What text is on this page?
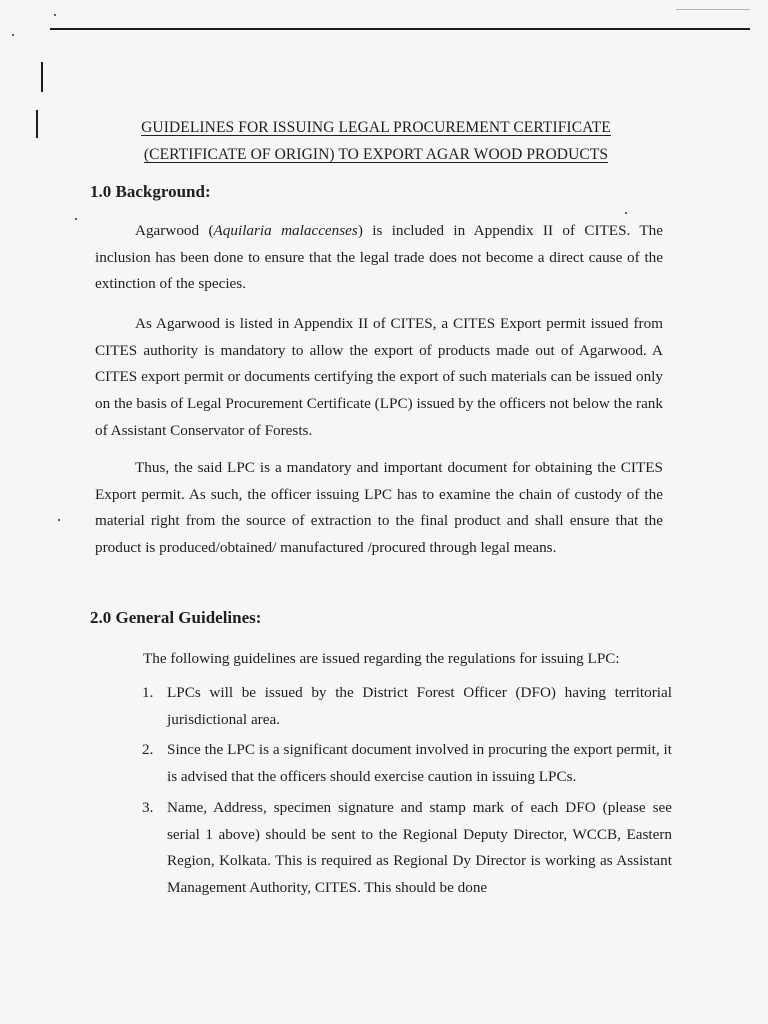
GUIDELINES FOR ISSUING LEGAL PROCUREMENT CERTIFICATE
(CERTIFICATE OF ORIGIN) TO EXPORT AGAR WOOD PRODUCTS
1.0 Background:

Agarwood (Aquilaria malaccenses) is included in Appendix II of CITES. The inclusion has been done to ensure that the legal trade does not become a direct cause of the extinction of the species.

As Agarwood is listed in Appendix II of CITES, a CITES Export permit issued from CITES authority is mandatory to allow the export of products made out of Agarwood. A CITES export permit or documents certifying the export of such materials can be issued only on the basis of Legal Procurement Certificate (LPC) issued by the officers not below the rank of Assistant Conservator of Forests.

Thus, the said LPC is a mandatory and important document for obtaining the CITES Export permit. As such, the officer issuing LPC has to examine the chain of custody of the material right from the source of extraction to the final product and shall ensure that the product is produced/obtained/ manufactured /procured through legal means.

2.0 General Guidelines:

The following guidelines are issued regarding the regulations for issuing LPC:

1. LPCs will be issued by the District Forest Officer (DFO) having territorial jurisdictional area.
2. Since the LPC is a significant document involved in procuring the export permit, it is advised that the officers should exercise caution in issuing LPCs.
3. Name, Address, specimen signature and stamp mark of each DFO (please see serial 1 above) should be sent to the Regional Deputy Director, WCCB, Eastern Region, Kolkata. This is required as Regional Dy Director is working as Assistant Management Authority, CITES. This should be done
